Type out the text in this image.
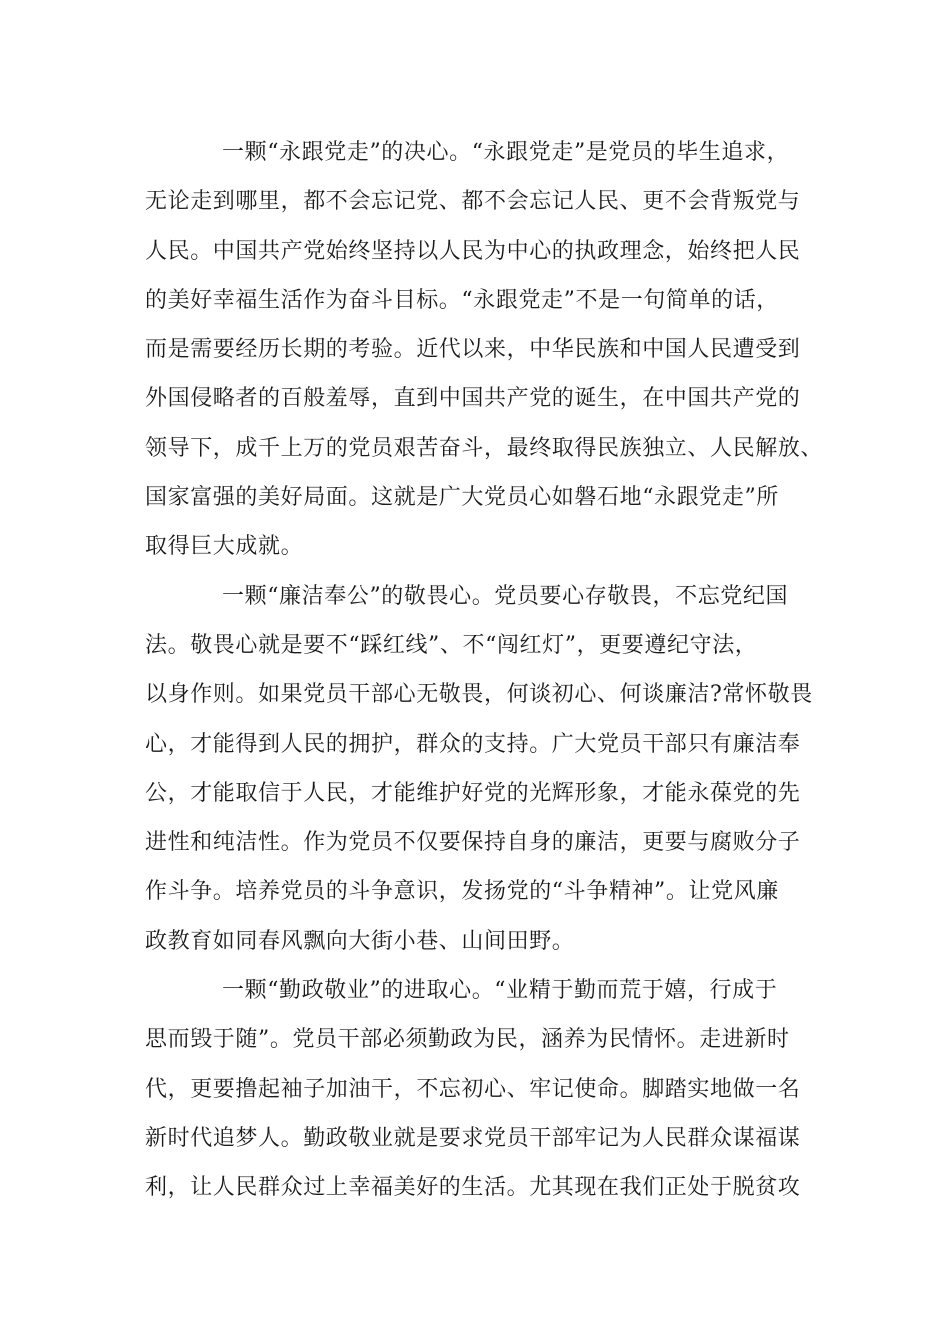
一颗“永跟党走”的决心。“永跟党走”是党员的毕生追求，
无论走到哪里，都不会忘记党、都不会忘记人民、更不会背叛党与
人民。中国共产党始终坚持以人民为中心的执政理念，始终把人民
的美好幸福生活作为奋斗目标。“永跟党走”不是一句简单的话，
而是需要经历长期的考验。近代以来，中华民族和中国人民遭受到
外国侵略者的百般羞辱，直到中国共产党的诞生，在中国共产党的
领导下，成千上万的党员艰苦奋斗，最终取得民族独立、人民解放、
国家富强的美好局面。这就是广大党员心如磐石地“永跟党走”所
取得巨大成就。
一颗“廉洁奉公”的敬畏心。党员要心存敬畏，不忘党纪国
法。敬畏心就是要不“踩红线”、不“闯红灯”，更要遵纪守法，
以身作则。如果党员干部心无敬畏，何谈初心、何谈廉洁?常怀敬畏
心，才能得到人民的拥护，群众的支持。广大党员干部只有廉洁奉
公，才能取信于人民，才能维护好党的光辉形象，才能永葆党的先
进性和纯洁性。作为党员不仅要保持自身的廉洁，更要与腐败分子
作斗争。培养党员的斗争意识，发扬党的“斗争精神”。让党风廉
政教育如同春风飘向大街小巷、山间田野。
一颗“勤政敬业”的进取心。“业精于勤而荒于嬉，行成于
思而毁于随”。党员干部必须勤政为民，涵养为民情怀。走进新时
代，更要撸起袖子加油干，不忘初心、牢记使命。脚踏实地做一名
新时代追梦人。勤政敬业就是要求党员干部牢记为人民群众谋福谋
利，让人民群众过上幸福美好的生活。尤其现在我们正处于脱贫攻
